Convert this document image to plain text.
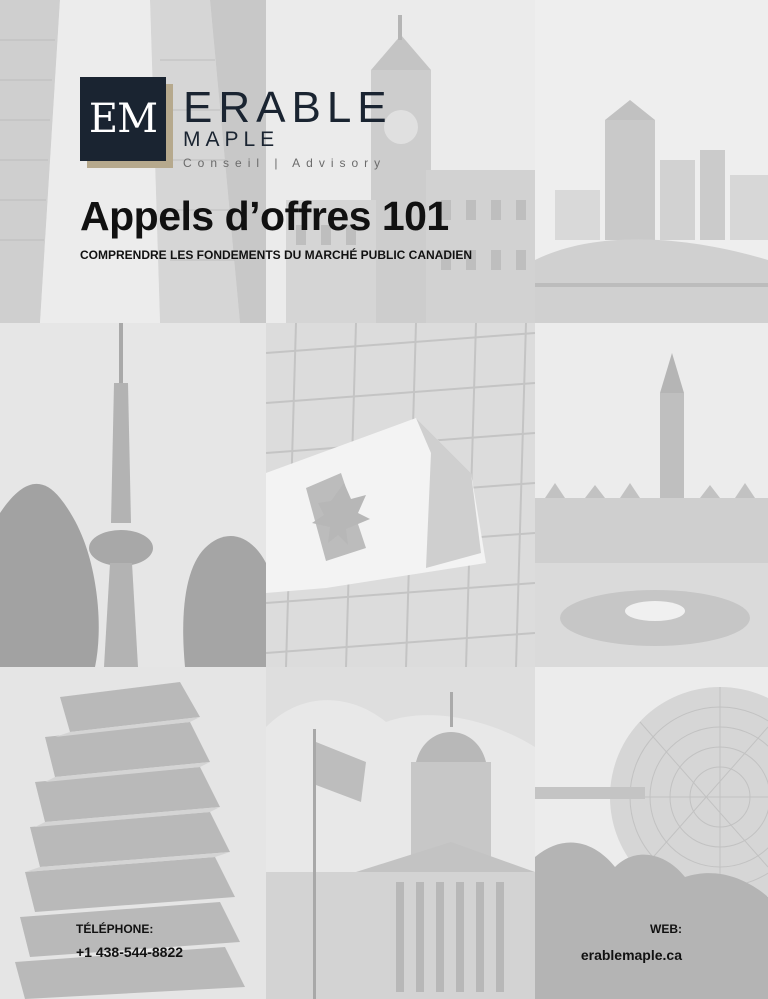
EM ERABLE
MAPLE
Conseil | Advisory
Appels d’offres 101
COMPRENDRE LES FONDEMENTS DU MARCHÉ PUBLIC CANADIEN
TÉLÉPHONE:
+1 438-544-8822
WEB:
erablemaple.ca
